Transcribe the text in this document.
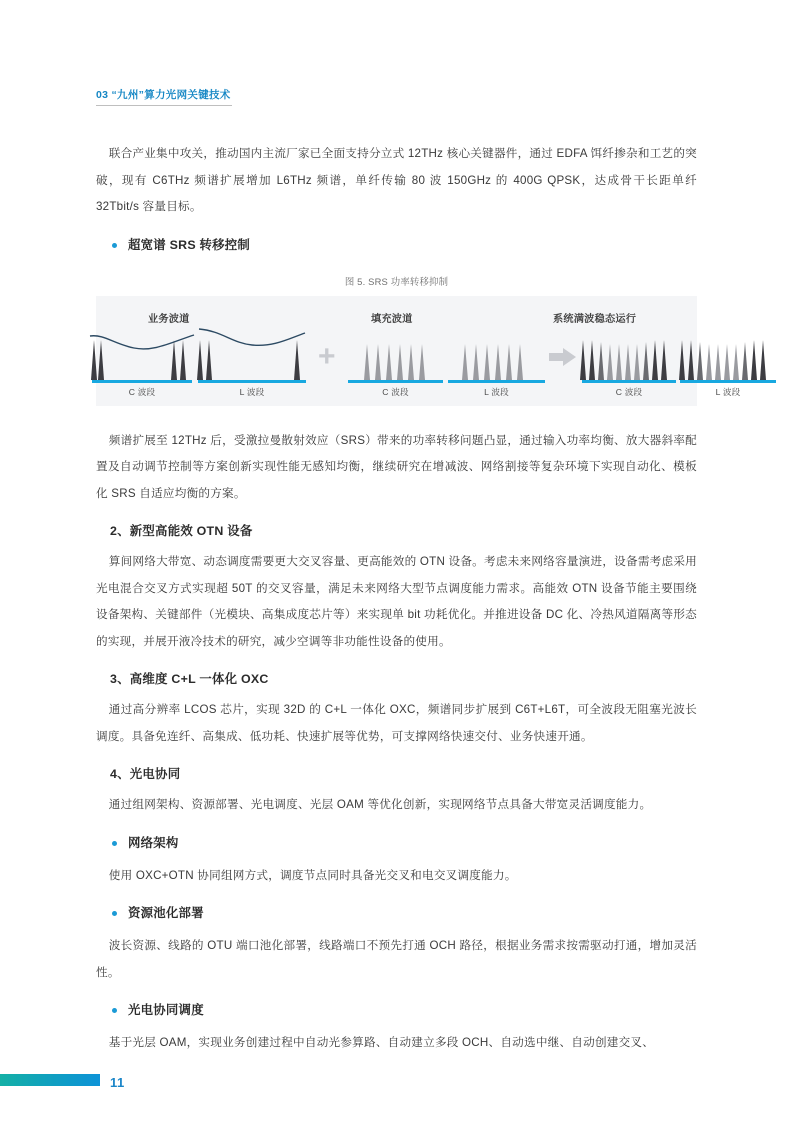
03 “九州”算力光网关键技术

联合产业集中攻关，推动国内主流厂家已全面支持分立式 12THz 核心关键器件，通过 EDFA 饵纤掺杂和工艺的突破，现有 C6THz 频谱扩展增加 L6THz 频谱，单纤传输 80 波 150GHz 的 400G QPSK，达成骨干长距单纤 32Tbit/s 容量目标。

超宽谱 SRS 转移控制
图 5. SRS 功率转移抑制
业务波道	填充波道	系统满波稳态运行
C 波段	L 波段
+
C 波段	L 波段	C 波段	L 波段

频谱扩展至 12THz 后，受激拉曼散射效应（SRS）带来的功率转移问题凸显，通过输入功率均衡、放大器斜率配置及自动调节控制等方案创新实现性能无感知均衡，继续研究在增减波、网络割接等复杂环境下实现自动化、模板化 SRS 自适应均衡的方案。

2、新型高能效 OTN 设备

算间网络大带宽、动态调度需要更大交叉容量、更高能效的 OTN 设备。考虑未来网络容量演进，设备需考虑采用光电混合交叉方式实现超 50T 的交叉容量，满足未来网络大型节点调度能力需求。高能效 OTN 设备节能主要围绕设备架构、关键部件（光模块、高集成度芯片等）来实现单 bit 功耗优化。并推进设备 DC 化、冷热风道隔离等形态的实现，并展开液冷技术的研究，减少空调等非功能性设备的使用。

3、高维度 C+L 一体化 OXC

通过高分辨率 LCOS 芯片，实现 32D 的 C+L 一体化 OXC，频谱同步扩展到 C6T+L6T，可全波段无阻塞光波长调度。具备免连纤、高集成、低功耗、快速扩展等优势，可支撑网络快速交付、业务快速开通。

4、光电协同

通过组网架构、资源部署、光电调度、光层 OAM 等优化创新，实现网络节点具备大带宽灵活调度能力。

网络架构

使用 OXC+OTN 协同组网方式，调度节点同时具备光交叉和电交叉调度能力。

资源池化部署

波长资源、线路的 OTU 端口池化部署，线路端口不预先打通 OCH 路径，根据业务需求按需驱动打通，增加灵活性。

光电协同调度

基于光层 OAM，实现业务创建过程中自动光参算路、自动建立多段 OCH、自动选中继、自动创建交叉、

11
